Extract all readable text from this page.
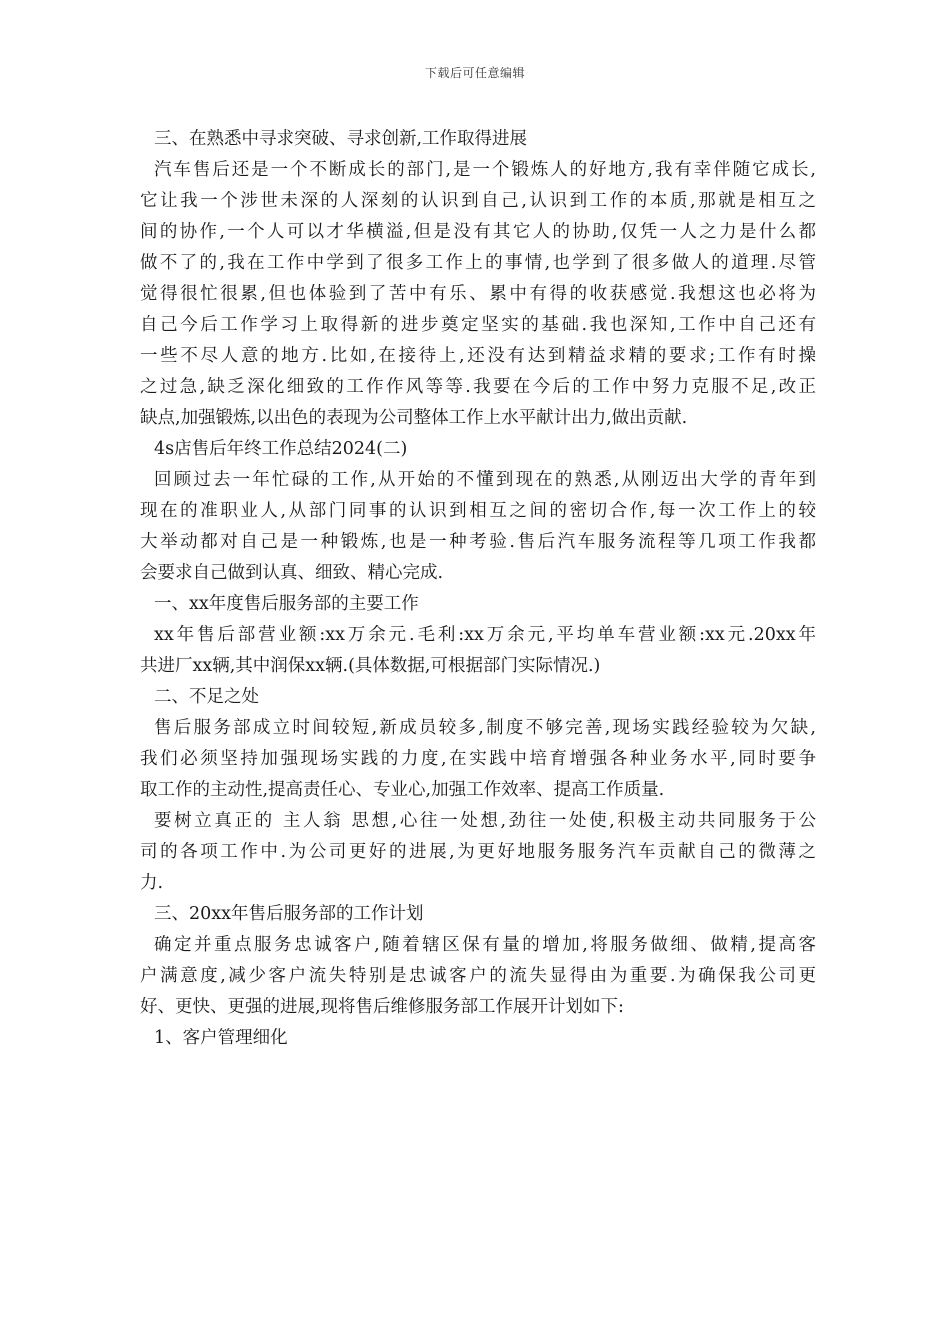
下载后可任意编辑
三、在熟悉中寻求突破、寻求创新,工作取得进展
汽车售后还是一个不断成长的部门,是一个锻炼人的好地方,我有幸伴随它成长,
它让我一个涉世未深的人深刻的认识到自己,认识到工作的本质,那就是相互之
间的协作,一个人可以才华横溢,但是没有其它人的协助,仅凭一人之力是什么都
做不了的,我在工作中学到了很多工作上的事情,也学到了很多做人的道理.尽管
觉得很忙很累,但也体验到了苦中有乐、累中有得的收获感觉.我想这也必将为
自己今后工作学习上取得新的进步奠定坚实的基础.我也深知,工作中自己还有
一些不尽人意的地方.比如,在接待上,还没有达到精益求精的要求;工作有时操
之过急,缺乏深化细致的工作作风等等.我要在今后的工作中努力克服不足,改正
缺点,加强锻炼,以出色的表现为公司整体工作上水平献计出力,做出贡献.
4s店售后年终工作总结2024(二)
回顾过去一年忙碌的工作,从开始的不懂到现在的熟悉,从刚迈出大学的青年到
现在的准职业人,从部门同事的认识到相互之间的密切合作,每一次工作上的较
大举动都对自己是一种锻炼,也是一种考验.售后汽车服务流程等几项工作我都
会要求自己做到认真、细致、精心完成.
一、xx年度售后服务部的主要工作
xx年售后部营业额:xx万余元.毛利:xx万余元,平均单车营业额:xx元.20xx年
共进厂xx辆,其中润保xx辆.(具体数据,可根据部门实际情况.)
二、不足之处
售后服务部成立时间较短,新成员较多,制度不够完善,现场实践经验较为欠缺,
我们必须坚持加强现场实践的力度,在实践中培育增强各种业务水平,同时要争
取工作的主动性,提高责任心、专业心,加强工作效率、提高工作质量.
要树立真正的 主人翁 思想,心往一处想,劲往一处使,积极主动共同服务于公
司的各项工作中.为公司更好的进展,为更好地服务服务汽车贡献自己的微薄之
力.
三、20xx年售后服务部的工作计划
确定并重点服务忠诚客户,随着辖区保有量的增加,将服务做细、做精,提高客
户满意度,减少客户流失特别是忠诚客户的流失显得由为重要.为确保我公司更
好、更快、更强的进展,现将售后维修服务部工作展开计划如下:
1、客户管理细化
